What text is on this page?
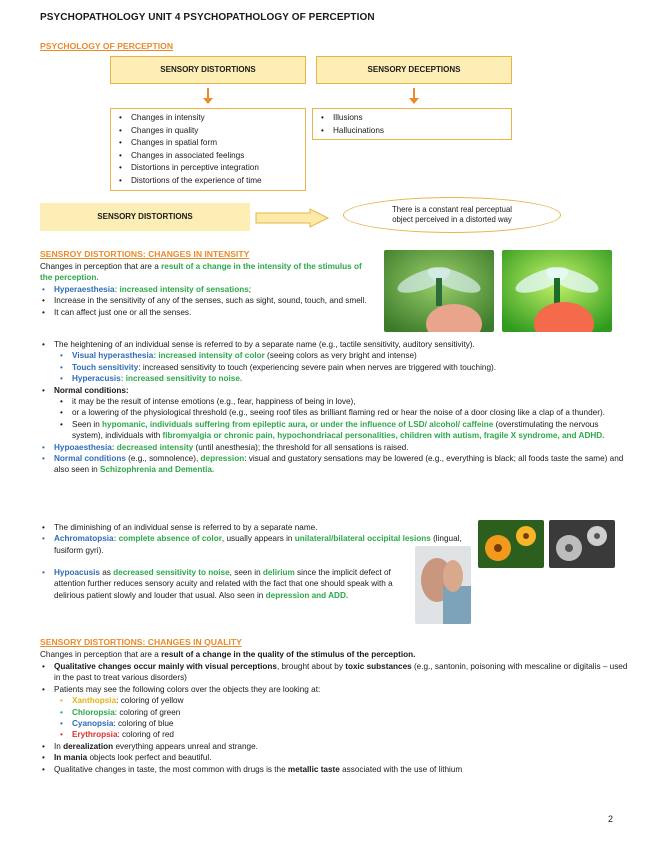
PSYCHOPATHOLOGY UNIT 4 PSYCHOPATHOLOGY OF PERCEPTION
PSYCHOLOGY OF PERCEPTION
SENSORY DISTORTIONS	SENSORY DECEPTIONS
• Changes in intensity
• Changes in quality
• Changes in spatial form
• Changes in associated feelings
• Distortions in perceptive integration
• Distortions of the experience of time
• Illusions
• Hallucinations
SENSORY DISTORTIONS
There is a constant real perceptual object perceived in a distorted way
SENSROY DISTORTIONS: CHANGES IN INTENSITY
Changes in perception that are a result of a change in the intensity of the stimulus of the perception.
• Hyperaesthesia: increased intensity of sensations;
• Increase in the sensitivity of any of the senses, such as sight, sound, touch, and smell.
• It can affect just one or all the senses.
• The heightening of an individual sense is referred to by a separate name (e.g., tactile sensitivity, auditory sensitivity).
• Visual hyperasthesia: increased intensity of color (seeing colors as very bright and intense)
• Touch sensitivity: increased sensitivity to touch (experiencing severe pain when nerves are triggered with touching).
• Hyperacusis: increased sensitivity to noise.
• Normal conditions:
• it may be the result of intense emotions (e.g., fear, happiness of being in love),
• or a lowering of the physiological threshold (e.g., seeing roof tiles as brilliant flaming red or hear the noise of a door closing like a clap of a thunder).
• Seen in hypomanic, individuals suffering from epileptic aura, or under the influence of LSD/ alcohol/ caffeine (overstimulating the nervous system), individuals with fibromyalgia or chronic pain, hypochondriacal personalities, children with autism, fragile X syndrome, and ADHD.
• Hypoaesthesia: decreased intensity (until anesthesia); the threshold for all sensations is raised.
• Normal conditions (e.g., somnolence), depression: visual and gustatory sensations may be lowered (e.g., everything is black; all foods taste the same) and also seen in Schizophrenia and Dementia.
• The diminishing of an individual sense is referred to by a separate name.
• Achromatopsia: complete absence of color, usually appears in unilateral/bilateral occipital lesions (lingual, fusiform gyri).
• Hypoacusis as decreased sensitivity to noise, seen in delirium since the implicit defect of attention further reduces sensory acuity and related with the fact that one should speak with a delirious patient slowly and louder that usual. Also seen in depression and ADD.
SENSORY DISTORTIONS: CHANGES IN QUALITY
Changes in perception that are a result of a change in the quality of the stimulus of the perception.
• Qualitative changes occur mainly with visual perceptions, brought about by toxic substances (e.g., santonin, poisoning with mescaline or digitalis – used in the past to treat various disorders)
• Patients may see the following colors over the objects they are looking at:
• Xanthopsia: coloring of yellow
• Chloropsia: coloring of green
• Cyanopsia: coloring of blue
• Erythropsia: coloring of red
• In derealization everything appears unreal and strange.
• In mania objects look perfect and beautiful.
• Qualitative changes in taste, the most common with drugs is the metallic taste associated with the use of lithium
2
